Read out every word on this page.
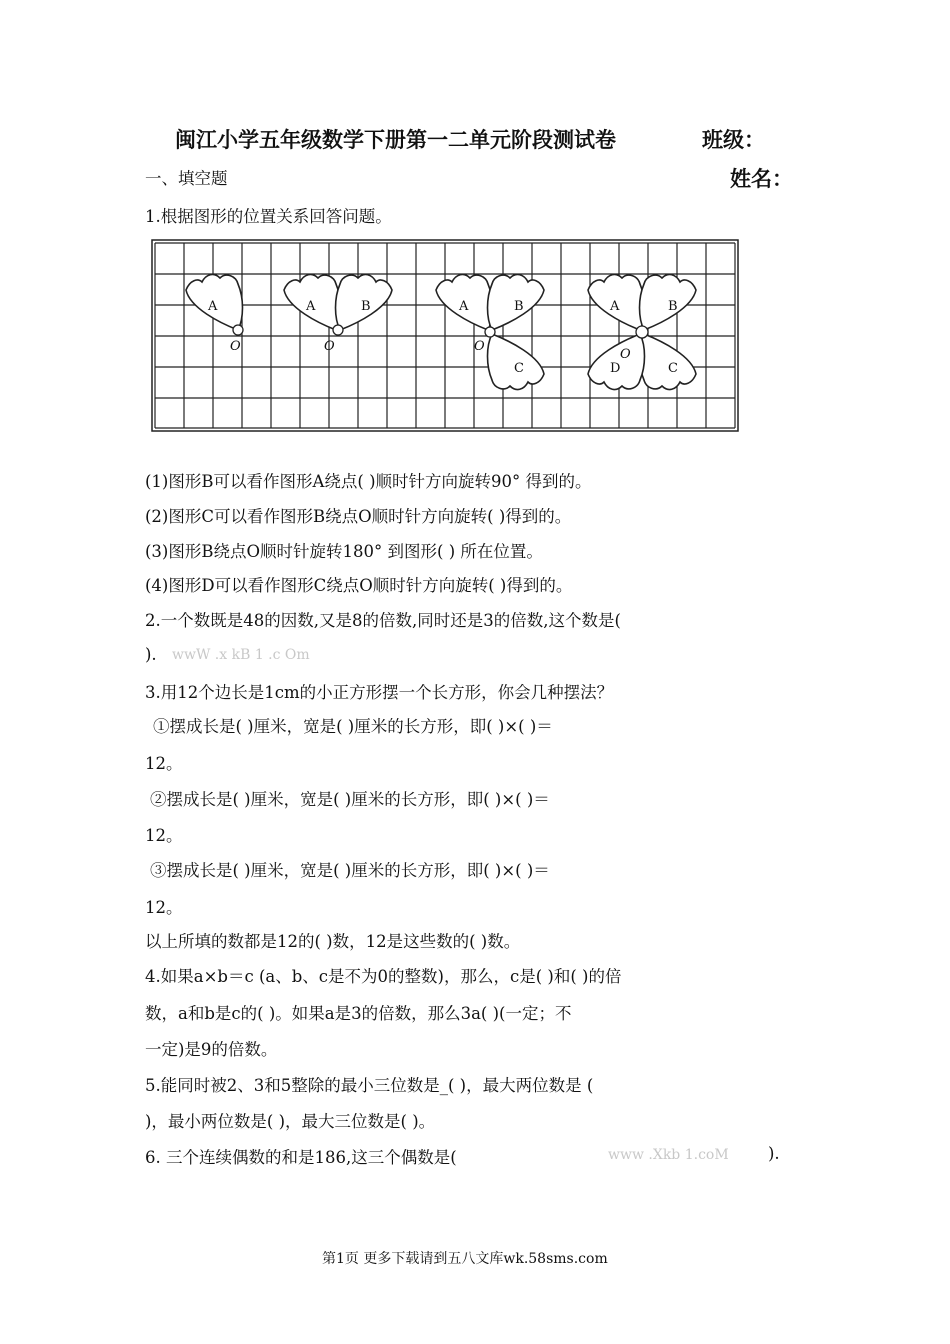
闽江小学五年级数学下册第一二单元阶段测试卷	班级：
一、填空题	姓名：
1.根据图形的位置关系回答问题。
A
O
A	B
O
A	B
O
C
A	B
O
D	C
(1)图形B可以看作图形A绕点( )顺时针方向旋转90° 得到的。
(2)图形C可以看作图形B绕点O顺时针方向旋转( )得到的。
(3)图形B绕点O顺时针旋转180° 到图形( ) 所在位置。
(4)图形D可以看作图形C绕点O顺时针方向旋转( )得到的。
2.一个数既是48的因数,又是8的倍数,同时还是3的倍数,这个数是(
). wwW .x kB 1 .c Om
3.用12个边长是1cm的小正方形摆一个长方形，你会几种摆法？
①摆成长是( )厘米，宽是( )厘米的长方形，即( )×( )＝
12。
②摆成长是( )厘米，宽是( )厘米的长方形，即( )×( )＝
12。
③摆成长是( )厘米，宽是( )厘米的长方形，即( )×( )＝
12。
以上所填的数都是12的( )数，12是这些数的( )数。
4.如果a×b＝c (a、b、c是不为0的整数)，那么，c是( )和( )的倍
数，a和b是c的( )。如果a是3的倍数，那么3a( )(一定；不
一定)是9的倍数。
5.能同时被2、3和5整除的最小三位数是_( )，最大两位数是 (
)，最小两位数是( )，最大三位数是( )。
6. 三个连续偶数的和是186,这三个偶数是(	www .Xkb 1.coM ).
第1页 更多下载请到五八文库wk.58sms.com
